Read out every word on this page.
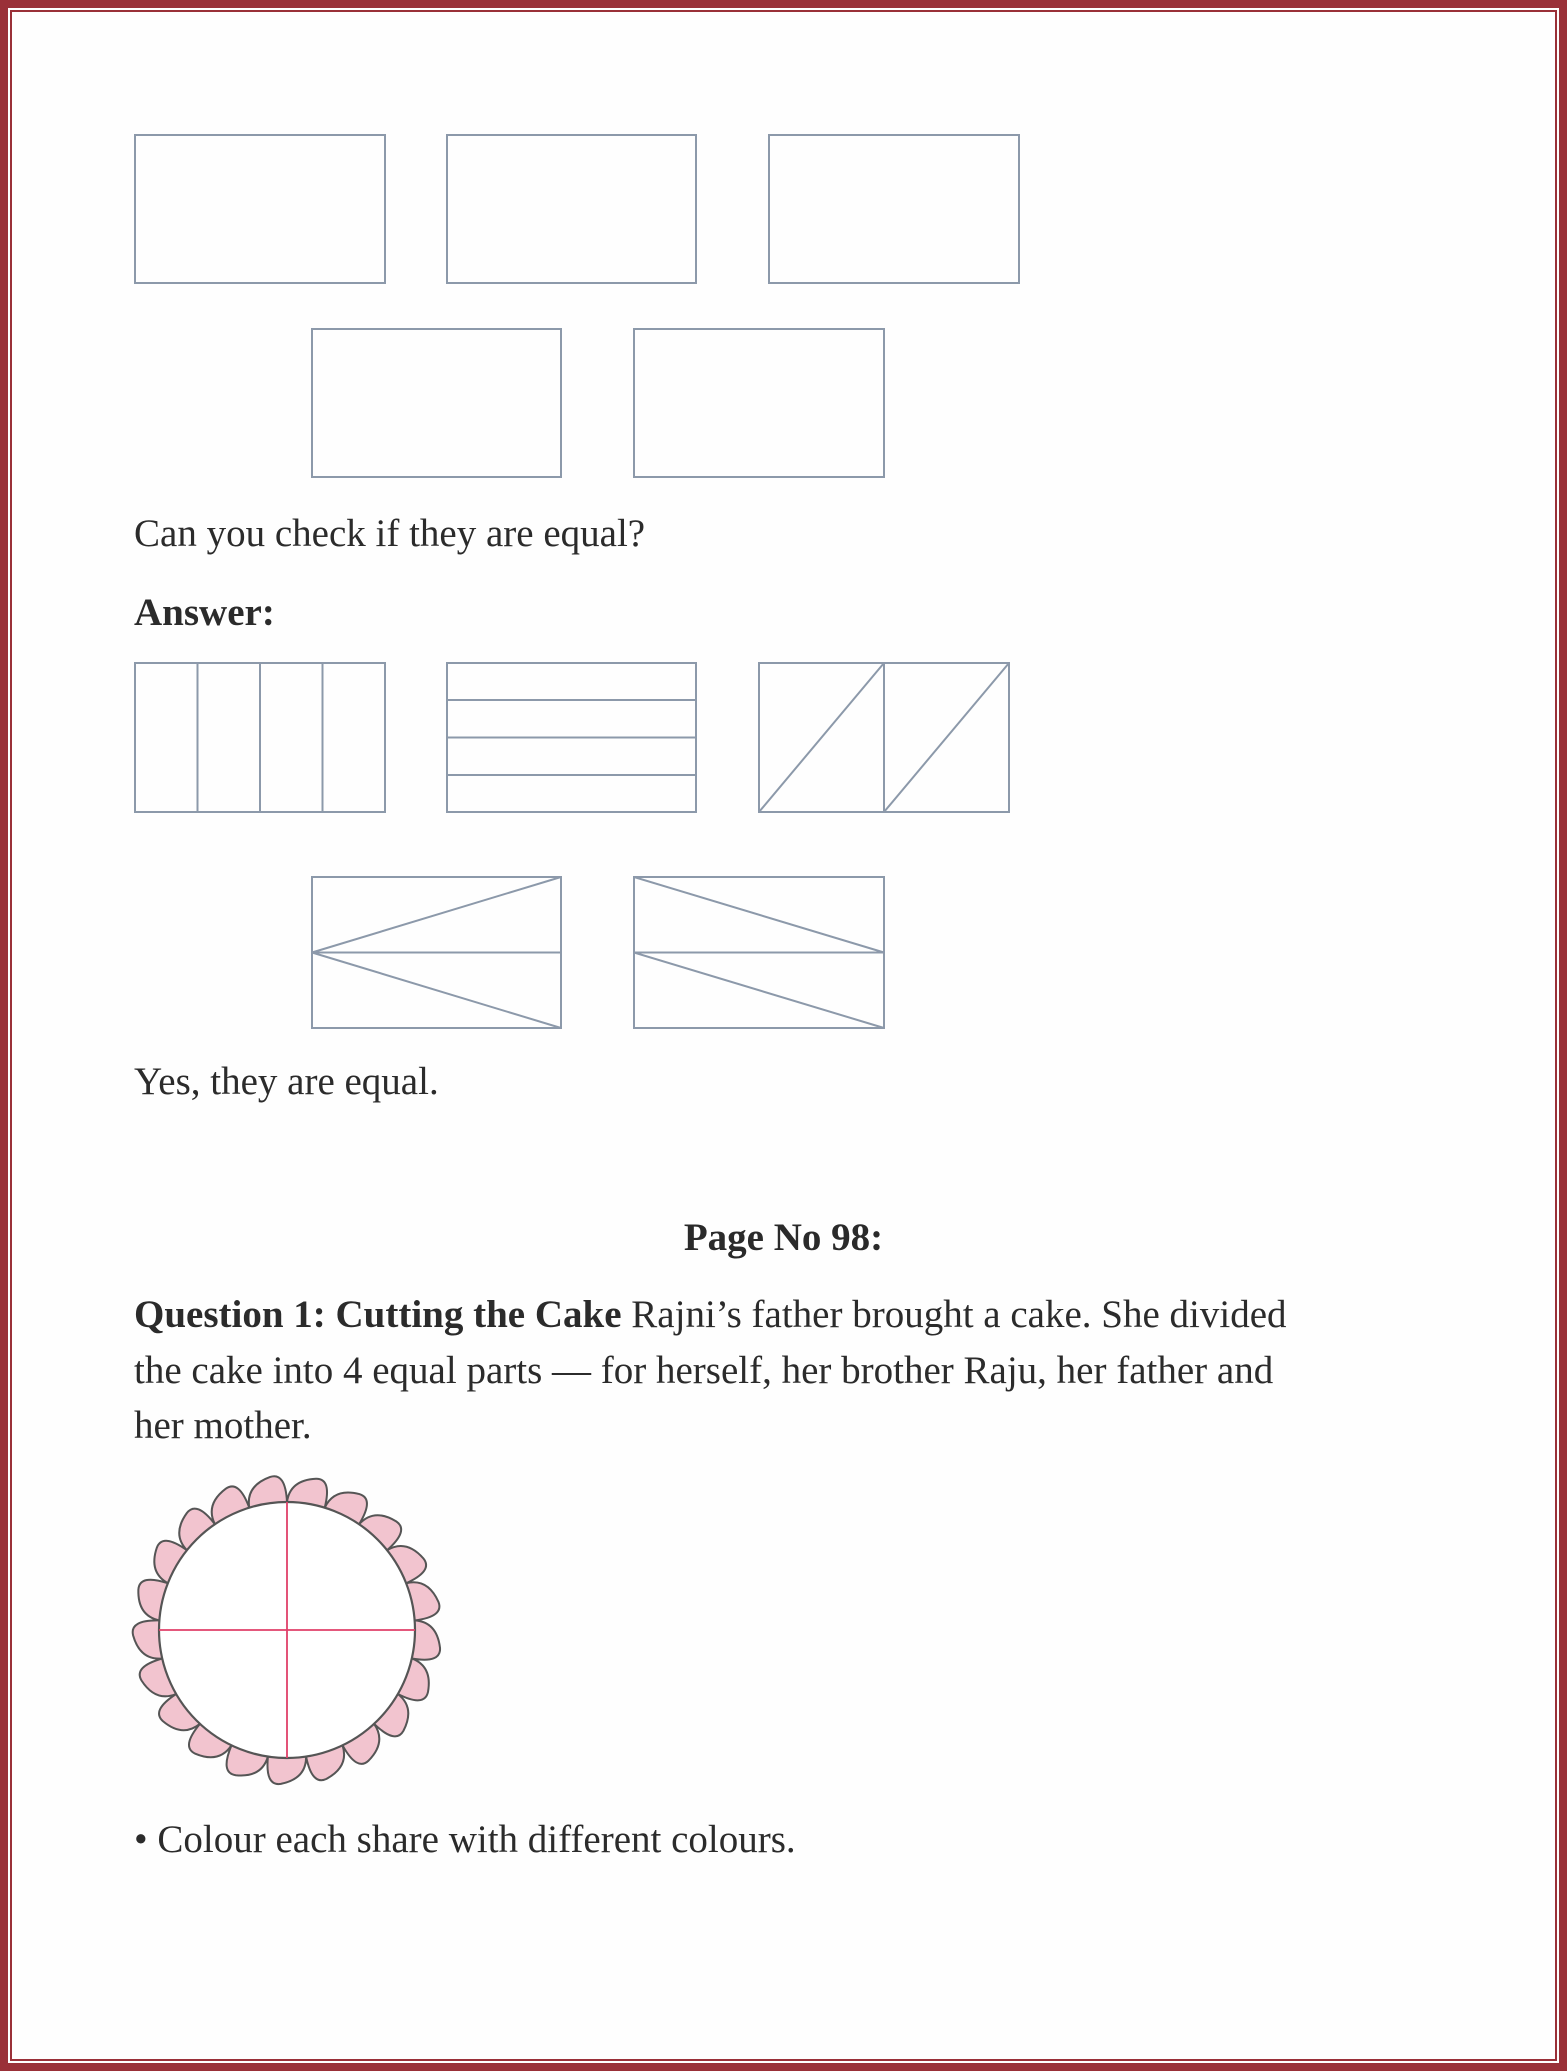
Can you check if they are equal?
Answer:
Yes, they are equal.
Page No 98:
Question 1: Cutting the Cake Rajni’s father brought a cake. She divided
the cake into 4 equal parts — for herself, her brother Raju, her father and
her mother.
• Colour each share with different colours.
